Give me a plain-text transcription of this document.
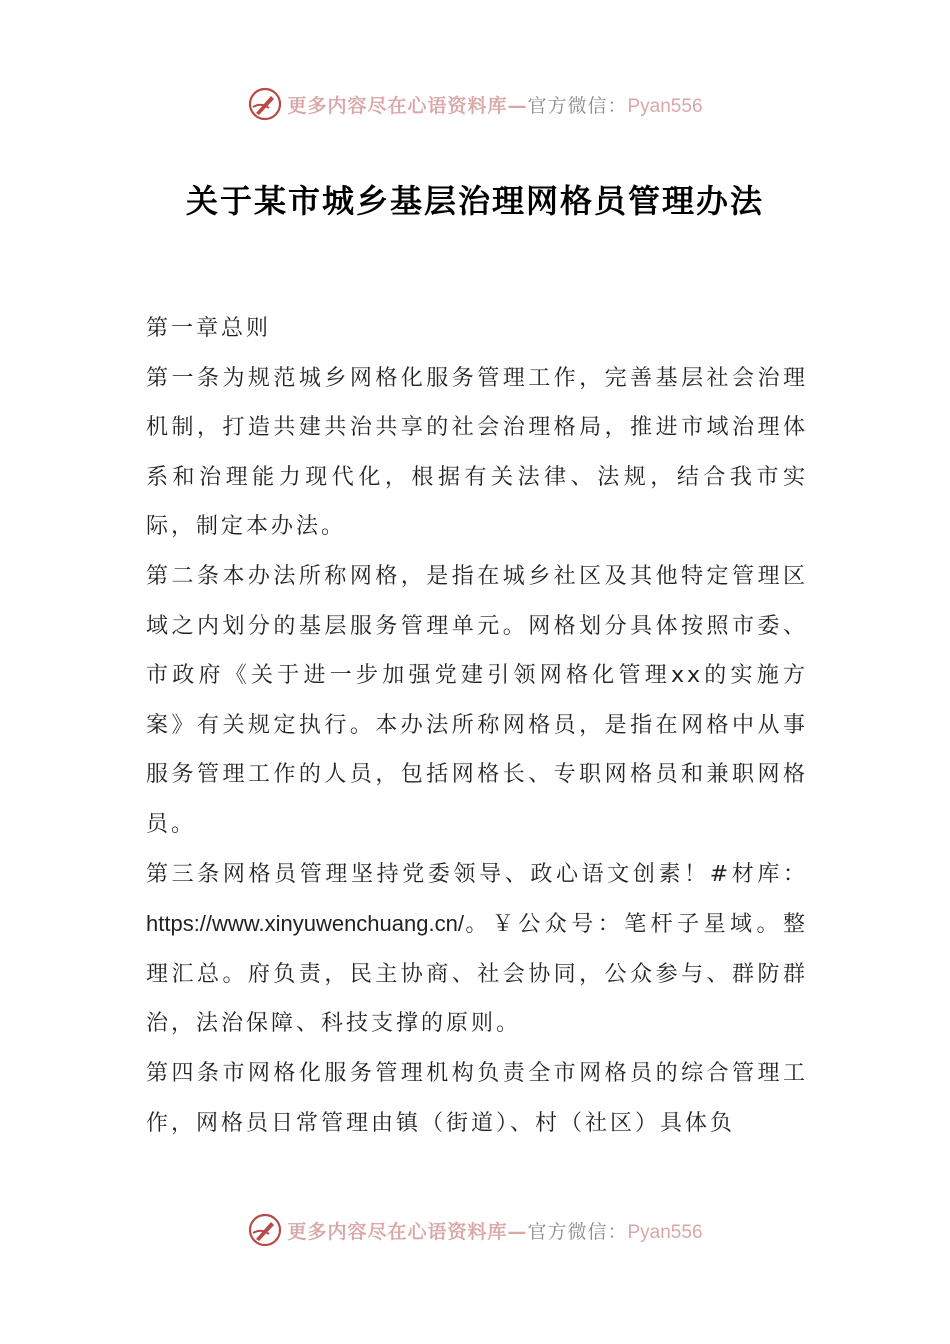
更多内容尽在心语资料库—官方微信：Pyan556
关于某市城乡基层治理网格员管理办法

第一章总则

第一条为规范城乡网格化服务管理工作，完善基层社会治理机制，打造共建共治共享的社会治理格局，推进市域治理体系和治理能力现代化，根据有关法律、法规，结合我市实际，制定本办法。

第二条本办法所称网格，是指在城乡社区及其他特定管理区域之内划分的基层服务管理单元。网格划分具体按照市委、市政府《关于进一步加强党建引领网格化管理xx的实施方案》有关规定执行。本办法所称网格员，是指在网格中从事服务管理工作的人员，包括网格长、专职网格员和兼职网格员。

第三条网格员管理坚持党委领导、政心语文创素！#材库：https://www.xinyuwenchuang.cn/。￥公众号：笔杆子星域。整理汇总。府负责，民主协商、社会协同，公众参与、群防群治，法治保障、科技支撑的原则。

第四条市网格化服务管理机构负责全市网格员的综合管理工作，网格员日常管理由镇（街道）、村（社区）具体负

更多内容尽在心语资料库—官方微信：Pyan556
